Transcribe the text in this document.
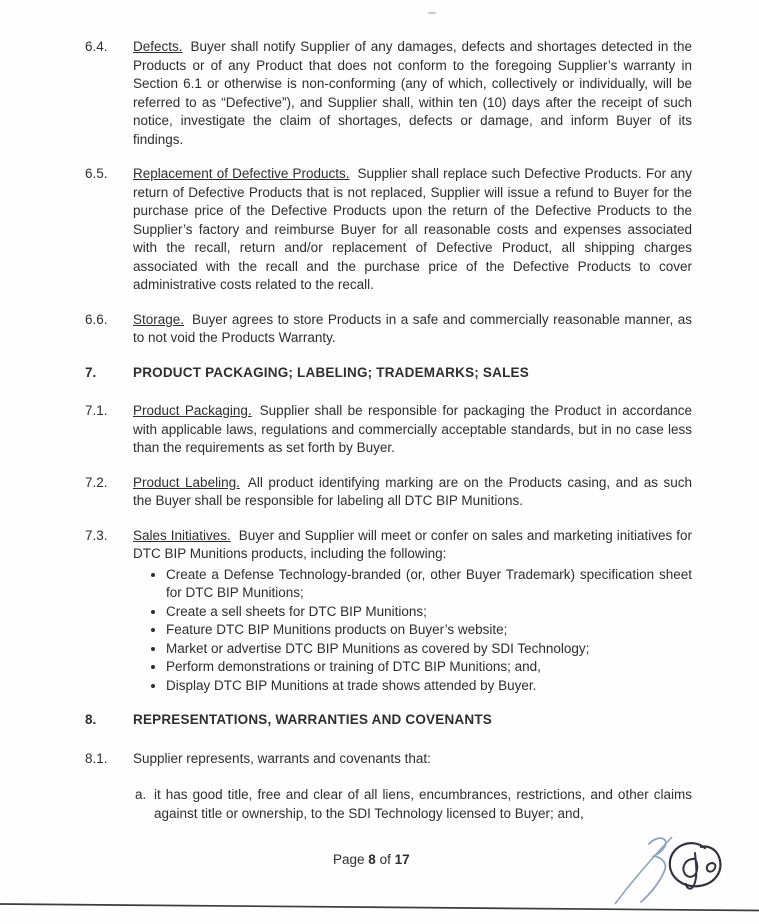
6.4.	Defects. Buyer shall notify Supplier of any damages, defects and shortages detected in the Products or of any Product that does not conform to the foregoing Supplier’s warranty in Section 6.1 or otherwise is non-conforming (any of which, collectively or individually, will be referred to as “Defective”), and Supplier shall, within ten (10) days after the receipt of such notice, investigate the claim of shortages, defects or damage, and inform Buyer of its findings.
6.5.	Replacement of Defective Products. Supplier shall replace such Defective Products. For any return of Defective Products that is not replaced, Supplier will issue a refund to Buyer for the purchase price of the Defective Products upon the return of the Defective Products to the Supplier’s factory and reimburse Buyer for all reasonable costs and expenses associated with the recall, return and/or replacement of Defective Product, all shipping charges associated with the recall and the purchase price of the Defective Products to cover administrative costs related to the recall.
6.6.	Storage. Buyer agrees to store Products in a safe and commercially reasonable manner, as to not void the Products Warranty.
7.	PRODUCT PACKAGING; LABELING; TRADEMARKS; SALES
7.1.	Product Packaging. Supplier shall be responsible for packaging the Product in accordance with applicable laws, regulations and commercially acceptable standards, but in no case less than the requirements as set forth by Buyer.
7.2.	Product Labeling. All product identifying marking are on the Products casing, and as such the Buyer shall be responsible for labeling all DTC BIP Munitions.
7.3.	Sales Initiatives. Buyer and Supplier will meet or confer on sales and marketing initiatives for DTC BIP Munitions products, including the following:
• Create a Defense Technology-branded (or, other Buyer Trademark) specification sheet for DTC BIP Munitions;
• Create a sell sheets for DTC BIP Munitions;
• Feature DTC BIP Munitions products on Buyer’s website;
• Market or advertise DTC BIP Munitions as covered by SDI Technology;
• Perform demonstrations or training of DTC BIP Munitions; and,
• Display DTC BIP Munitions at trade shows attended by Buyer.
8.	REPRESENTATIONS, WARRANTIES AND COVENANTS
8.1.	Supplier represents, warrants and covenants that:
a. it has good title, free and clear of all liens, encumbrances, restrictions, and other claims against title or ownership, to the SDI Technology licensed to Buyer; and,
Page 8 of 17
